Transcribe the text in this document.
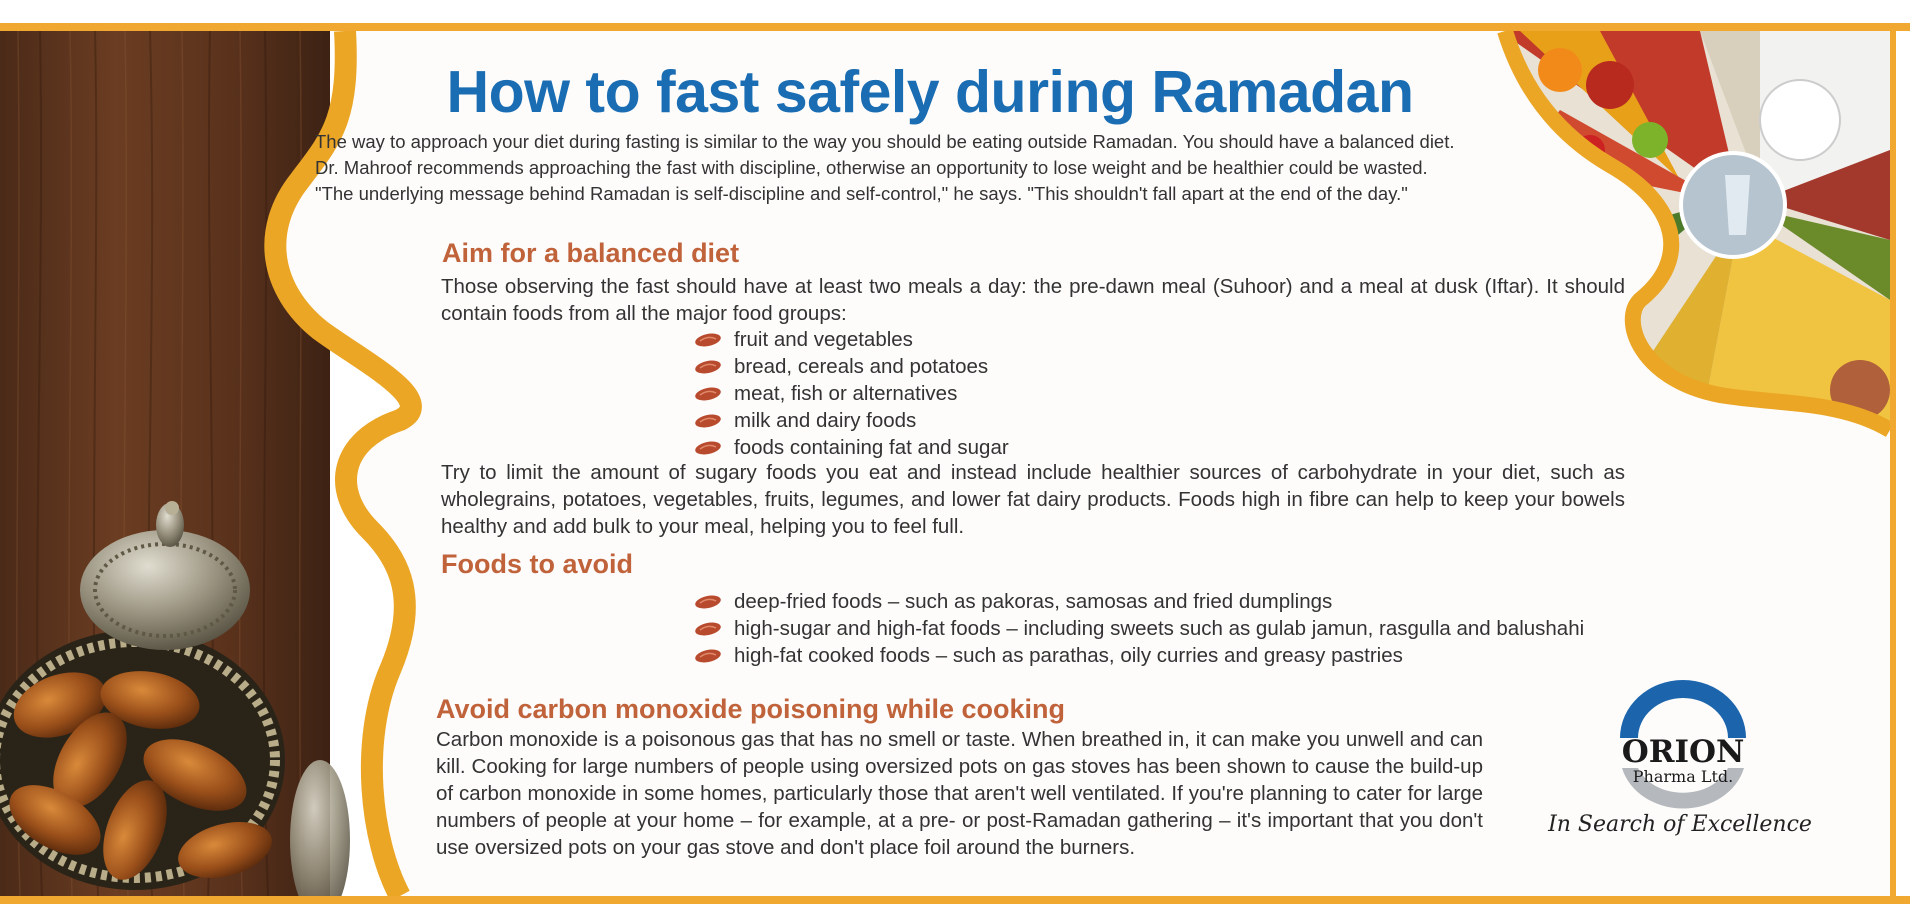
How to fast safely during Ramadan

The way to approach your diet during fasting is similar to the way you should be eating outside Ramadan. You should have a balanced diet.

Dr. Mahroof recommends approaching the fast with discipline, otherwise an opportunity to lose weight and be healthier could be wasted.

"The underlying message behind Ramadan is self-discipline and self-control," he says. "This shouldn't fall apart at the end of the day."

Aim for a balanced diet

Those observing the fast should have at least two meals a day: the pre-dawn meal (Suhoor) and a meal at dusk (Iftar). It should contain foods from all the major food groups:

fruit and vegetables
bread, cereals and potatoes
meat, fish or alternatives
milk and dairy foods
foods containing fat and sugar

Try to limit the amount of sugary foods you eat and instead include healthier sources of carbohydrate in your diet, such as wholegrains, potatoes, vegetables, fruits, legumes, and lower fat dairy products. Foods high in fibre can help to keep your bowels healthy and add bulk to your meal, helping you to feel full.

Foods to avoid
deep-fried foods – such as pakoras, samosas and fried dumplings
high-sugar and high-fat foods – including sweets such as gulab jamun, rasgulla and balushahi
high-fat cooked foods – such as parathas, oily curries and greasy pastries
Avoid carbon monoxide poisoning while cooking

Carbon monoxide is a poisonous gas that has no smell or taste. When breathed in, it can make you unwell and can kill. Cooking for large numbers of people using oversized pots on gas stoves has been shown to cause the build-up of carbon monoxide in some homes, particularly those that aren't well ventilated. If you're planning to cater for large numbers of people at your home – for example, at a pre- or post-Ramadan gathering – it's important that you don't use oversized pots on your gas stove and don't place foil around the burners.

ORION
Pharma Ltd.

In Search of Excellence
